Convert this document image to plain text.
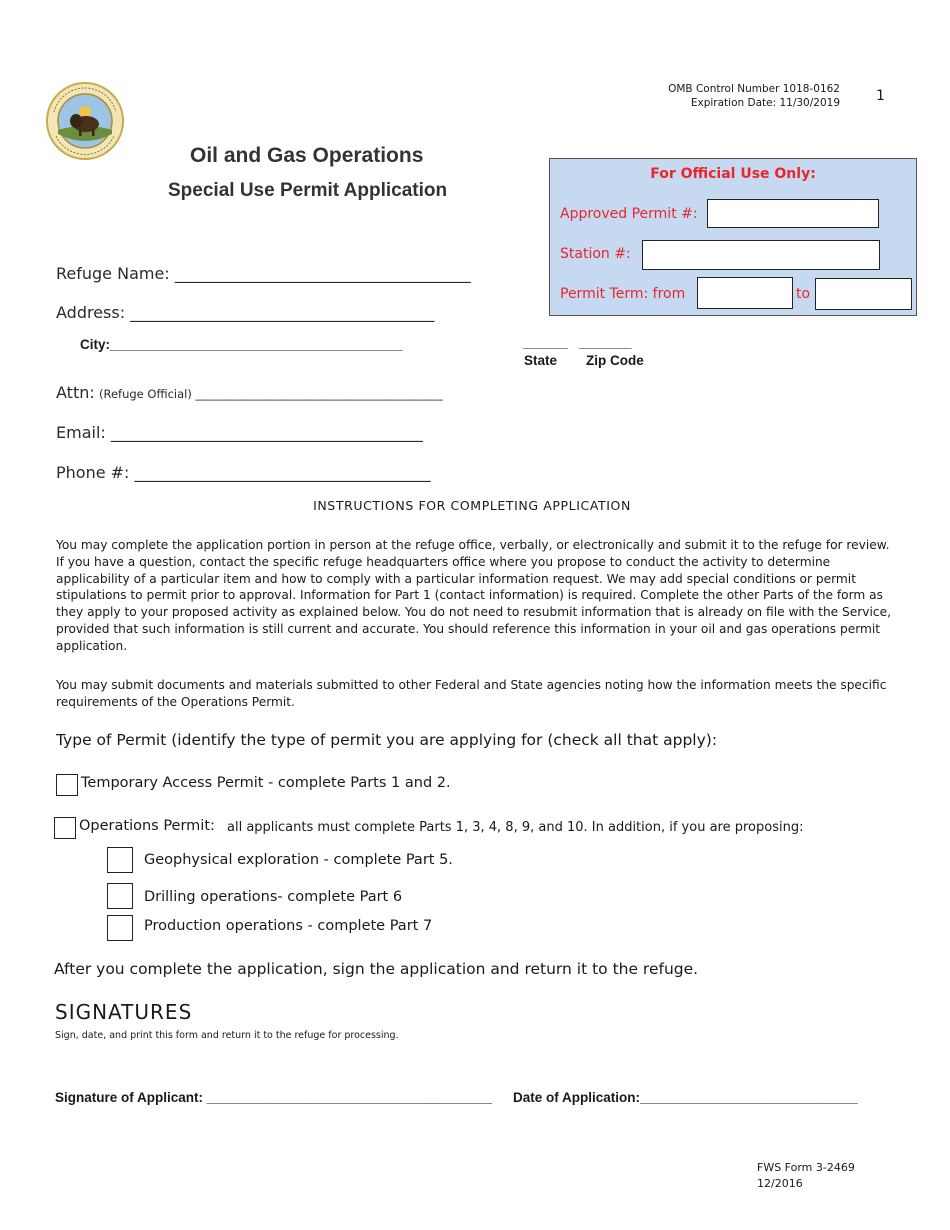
OMB Control Number 1018-0162
Expiration Date: 11/30/2019	1
Oil and Gas Operations
Special Use Permit Application
For Official Use Only:
Approved Permit #:
Station #:
Permit Term: from	to
Refuge Name: _____________________________________
Address: ______________________________________
City:_______________________________________	______ _______
State Zip Code
Attn: (Refuge Official) ___________________________________________
Email: _______________________________________
Phone #: _____________________________________
INSTRUCTIONS FOR COMPLETING APPLICATION
You may complete the application portion in person at the refuge office, verbally, or electronically and submit it to the refuge for review. If you have a question, contact the specific refuge headquarters office where you propose to conduct the activity to determine applicability of a particular item and how to comply with a particular information request. We may add special conditions or permit stipulations to permit prior to approval. Information for Part 1 (contact information) is required. Complete the other Parts of the form as they apply to your proposed activity as explained below. You do not need to resubmit information that is already on file with the Service, provided that such information is still current and accurate. You should reference this information in your oil and gas operations permit application.
You may submit documents and materials submitted to other Federal and State agencies noting how the information meets the specific requirements of the Operations Permit.
Type of Permit (identify the type of permit you are applying for (check all that apply):
Temporary Access Permit - complete Parts 1 and 2.
Operations Permit: all applicants must complete Parts 1, 3, 4, 8, 9, and 10. In addition, if you are proposing:
Geophysical exploration - complete Part 5.
Drilling operations- complete Part 6
Production operations - complete Part 7
After you complete the application, sign the application and return it to the refuge.
SIGNATURES
Sign, date, and print this form and return it to the refuge for processing.
Signature of Applicant: ______________________________________ Date of Application:_____________________________
FWS Form 3-2469
12/2016
